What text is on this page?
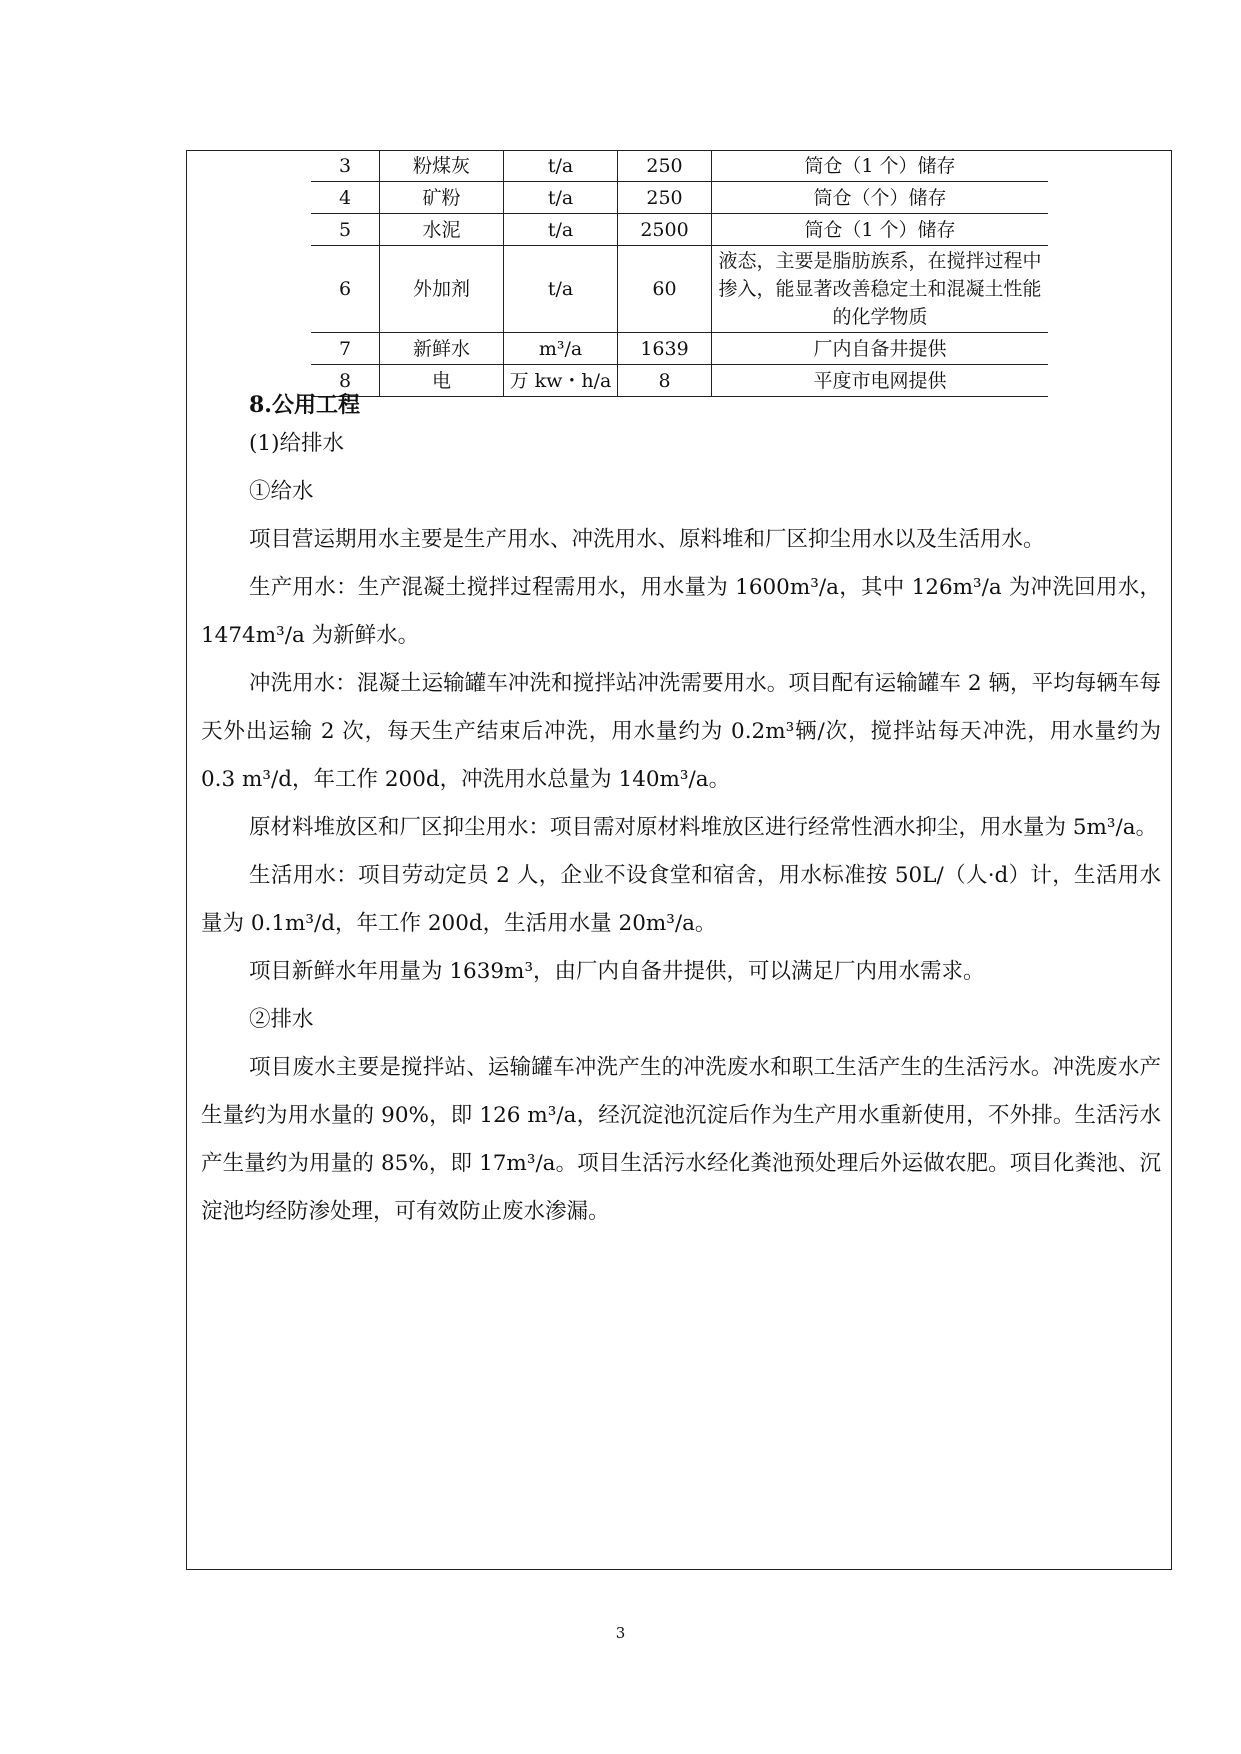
3	粉煤灰	t/a	250	筒仓（1 个）储存
4	矿粉	t/a	250	筒仓（个）储存
5	水泥	t/a	2500	筒仓（1 个）储存
6	外加剂	t/a	60	液态，主要是脂肪族系，在搅拌过程中掺入，能显著改善稳定土和混凝土性能的化学物质
7	新鲜水	m³/a	1639	厂内自备井提供
8	电	万 kw・h/a	8	平度市电网提供

8.公用工程

(1)给排水

①给水

项目营运期用水主要是生产用水、冲洗用水、原料堆和厂区抑尘用水以及生活用水。

生产用水：生产混凝土搅拌过程需用水，用水量为 1600m³/a，其中 126m³/a 为冲洗回用水，1474m³/a 为新鲜水。

冲洗用水：混凝土运输罐车冲洗和搅拌站冲洗需要用水。项目配有运输罐车 2 辆，平均每辆车每天外出运输 2 次，每天生产结束后冲洗，用水量约为 0.2m³辆/次，搅拌站每天冲洗，用水量约为 0.3 m³/d，年工作 200d，冲洗用水总量为 140m³/a。

原材料堆放区和厂区抑尘用水：项目需对原材料堆放区进行经常性洒水抑尘，用水量为 5m³/a。

生活用水：项目劳动定员 2 人，企业不设食堂和宿舍，用水标准按 50L/（人·d）计，生活用水量为 0.1m³/d，年工作 200d，生活用水量 20m³/a。

项目新鲜水年用量为 1639m³，由厂内自备井提供，可以满足厂内用水需求。

②排水

项目废水主要是搅拌站、运输罐车冲洗产生的冲洗废水和职工生活产生的生活污水。冲洗废水产生量约为用水量的 90%，即 126 m³/a，经沉淀池沉淀后作为生产用水重新使用，不外排。生活污水产生量约为用量的 85%，即 17m³/a。项目生活污水经化粪池预处理后外运做农肥。项目化粪池、沉淀池均经防渗处理，可有效防止废水渗漏。

3
